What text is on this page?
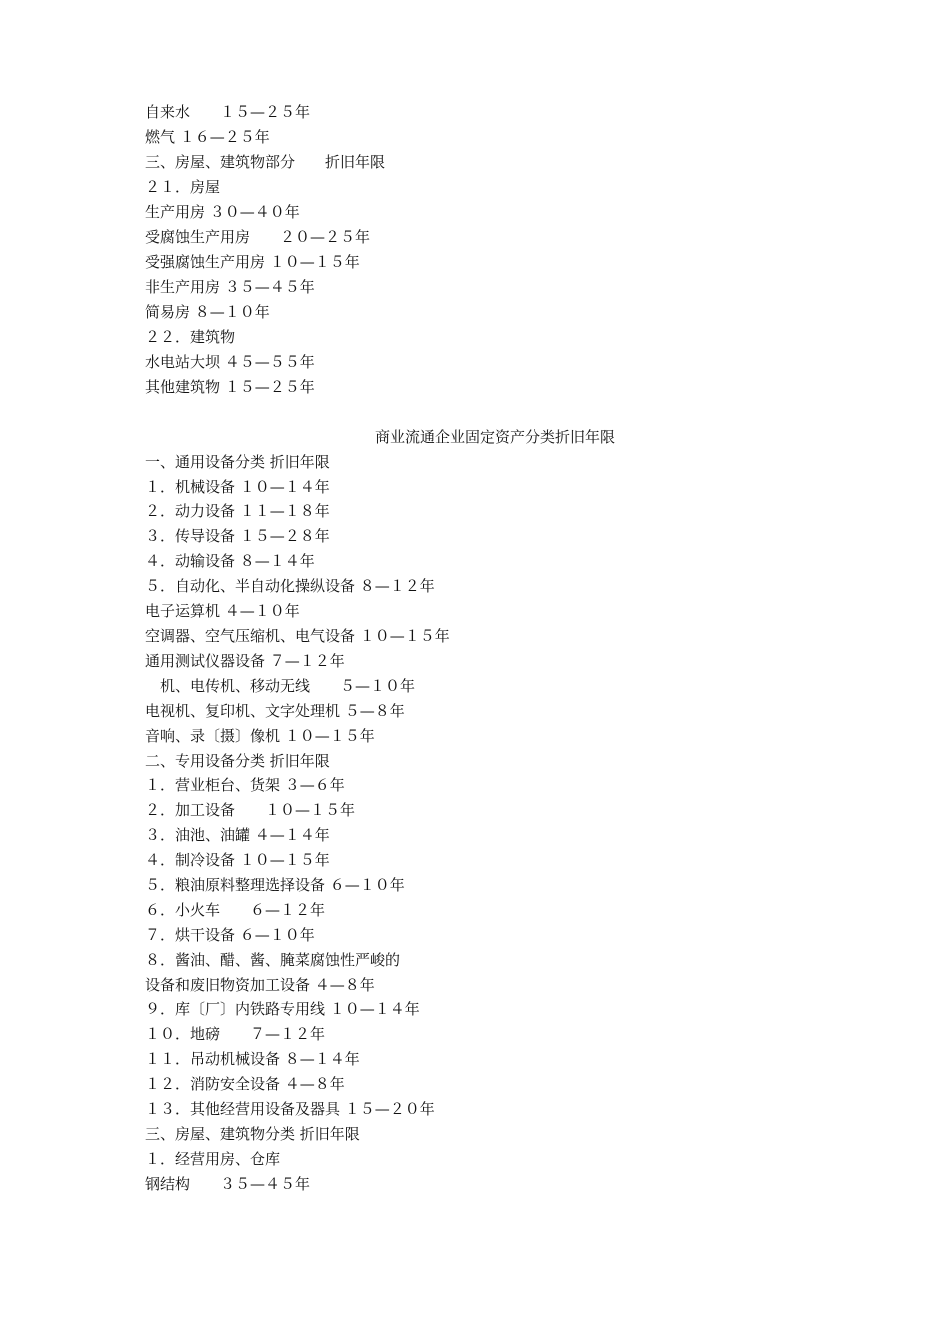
自来水　　１５—２５年
燃气 １６—２５年
三、房屋、建筑物部分　　折旧年限
２１．房屋
生产用房 ３０—４０年
受腐蚀生产用房　　２０—２５年
受强腐蚀生产用房 １０—１５年
非生产用房 ３５—４５年
简易房 ８—１０年
２２．建筑物
水电站大坝 ４５—５５年
其他建筑物 １５—２５年
商业流通企业固定资产分类折旧年限
一、通用设备分类 折旧年限
１．机械设备 １０—１４年
２．动力设备 １１—１８年
３．传导设备 １５—２８年
４．动输设备 ８—１４年
５．自动化、半自动化操纵设备 ８—１２年
电子运算机 ４—１０年
空调器、空气压缩机、电气设备 １０—１５年
通用测试仪器设备 ７—１２年
　机、电传机、移动无线　　５—１０年
电视机、复印机、文字处理机 ５—８年
音响、录〔摄〕像机 １０—１５年
二、专用设备分类 折旧年限
１．营业柜台、货架 ３—６年
２．加工设备　　１０—１５年
３．油池、油罐 ４—１４年
４．制冷设备 １０—１５年
５．粮油原料整理选择设备 ６—１０年
６．小火车　　６—１２年
７．烘干设备 ６—１０年
８．酱油、醋、酱、腌菜腐蚀性严峻的
设备和废旧物资加工设备 ４—８年
９．库〔厂〕内铁路专用线 １０—１４年
１０．地磅　　７—１２年
１１．吊动机械设备 ８—１４年
１２．消防安全设备 ４—８年
１３．其他经营用设备及器具 １５—２０年
三、房屋、建筑物分类 折旧年限
１．经营用房、仓库
钢结构　　３５—４５年
